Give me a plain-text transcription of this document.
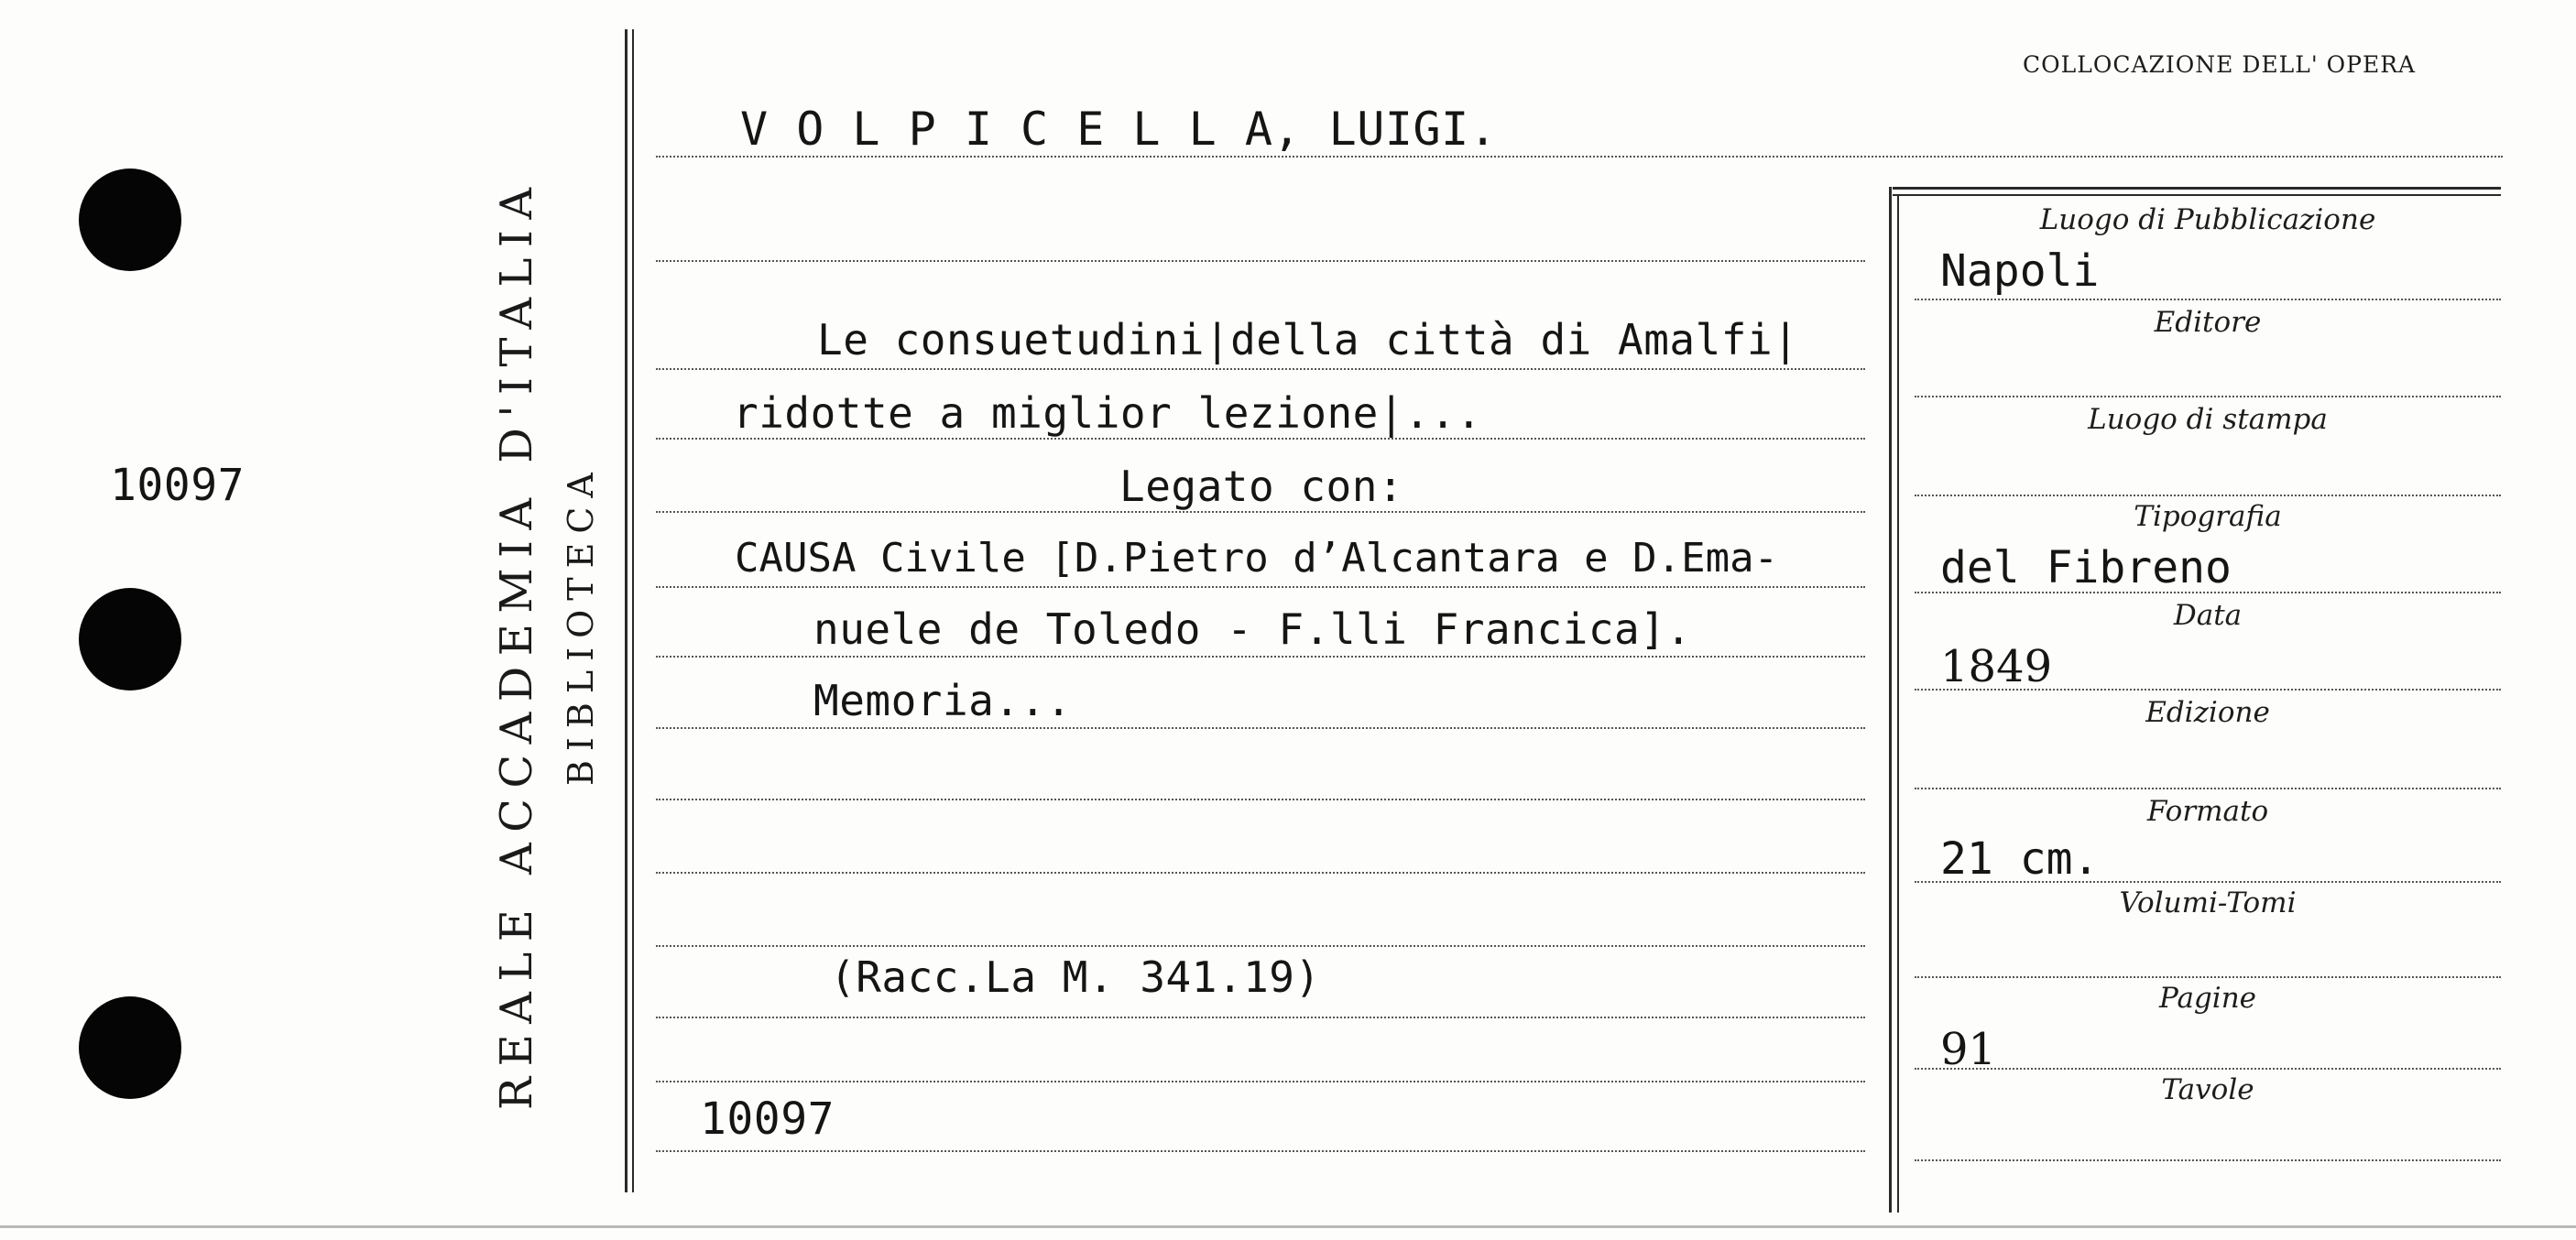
10097	REALE ACCADEMIA D'ITALIA BIBLIOTECA
COLLOCAZIONE DELL' OPERA
V O L P I C E L L A, LUIGI.
Le consuetudini|della città di Amalfi|
ridotte a miglior lezione|...
Legato con:
CAUSA Civile [D.Pietro d’Alcantara e D.Ema-
nuele de Toledo - F.lli Francica].
Memoria...
(Racc.La M. 341.19)
10097
Luogo di Pubblicazione
Editore
Luogo di stampa
Tipografia
Data
Edizione
Formato
Volumi-Tomi
Pagine
Tavole
Napoli
del Fibreno
1849
21 cm.
91
